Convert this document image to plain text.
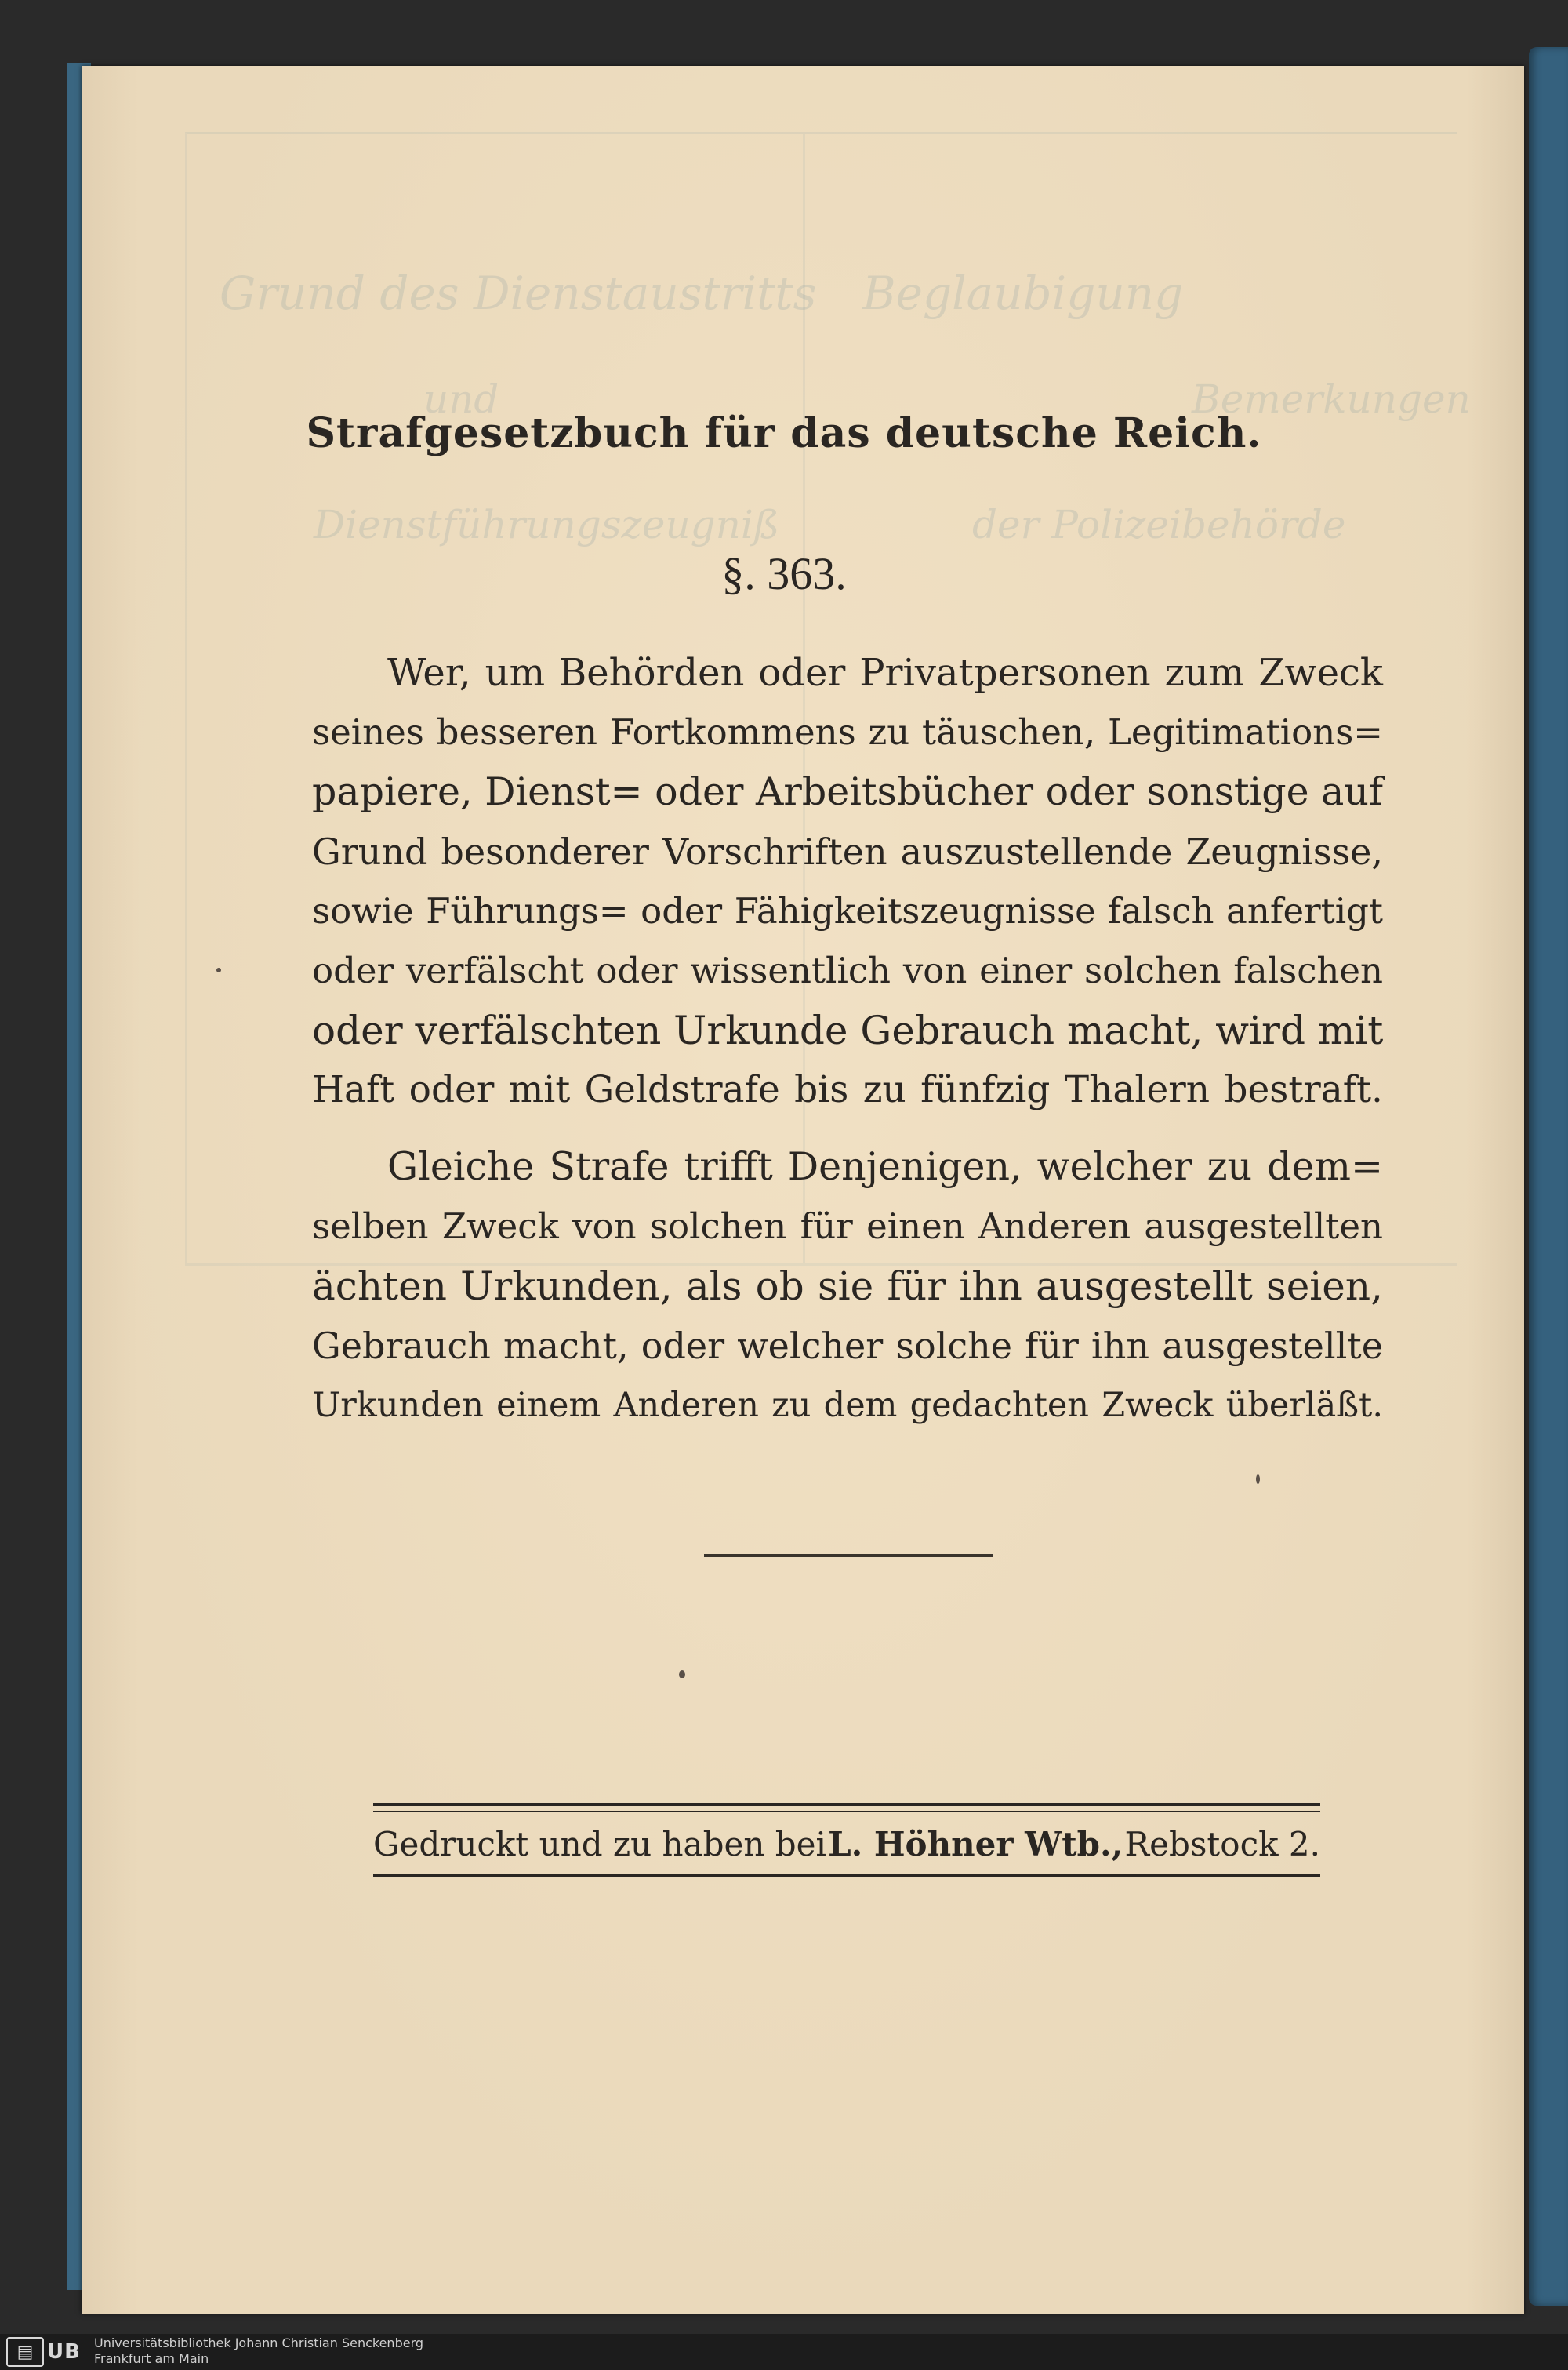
Grund des Dienstaustritts Beglaubigung
und	Bemerkungen
Dienstführungszeugniß	der Polizeibehörde
Strafgesetzbuch für das deutsche Reich.
§. 363.
Wer, um Behörden oder Privatpersonen zum Zweck
seines besseren Fortkommens zu täuschen, Legitimations=
papiere, Dienst= oder Arbeitsbücher oder sonstige auf
Grund besonderer Vorschriften auszustellende Zeugnisse,
sowie Führungs= oder Fähigkeitszeugnisse falsch anfertigt
oder verfälscht oder wissentlich von einer solchen falschen
oder verfälschten Urkunde Gebrauch macht, wird mit
Haft oder mit Geldstrafe bis zu fünfzig Thalern bestraft.
Gleiche Strafe trifft Denjenigen, welcher zu dem=
selben Zweck von solchen für einen Anderen ausgestellten
ächten Urkunden, als ob sie für ihn ausgestellt seien,
Gebrauch macht, oder welcher solche für ihn ausgestellte
Urkunden einem Anderen zu dem gedachten Zweck überläßt.
Gedruckt und zu haben bei L. Höhner Wtb., Rebstock 2.
▤ UB Universitätsbibliothek Johann Christian Senckenberg
Frankfurt am Main
